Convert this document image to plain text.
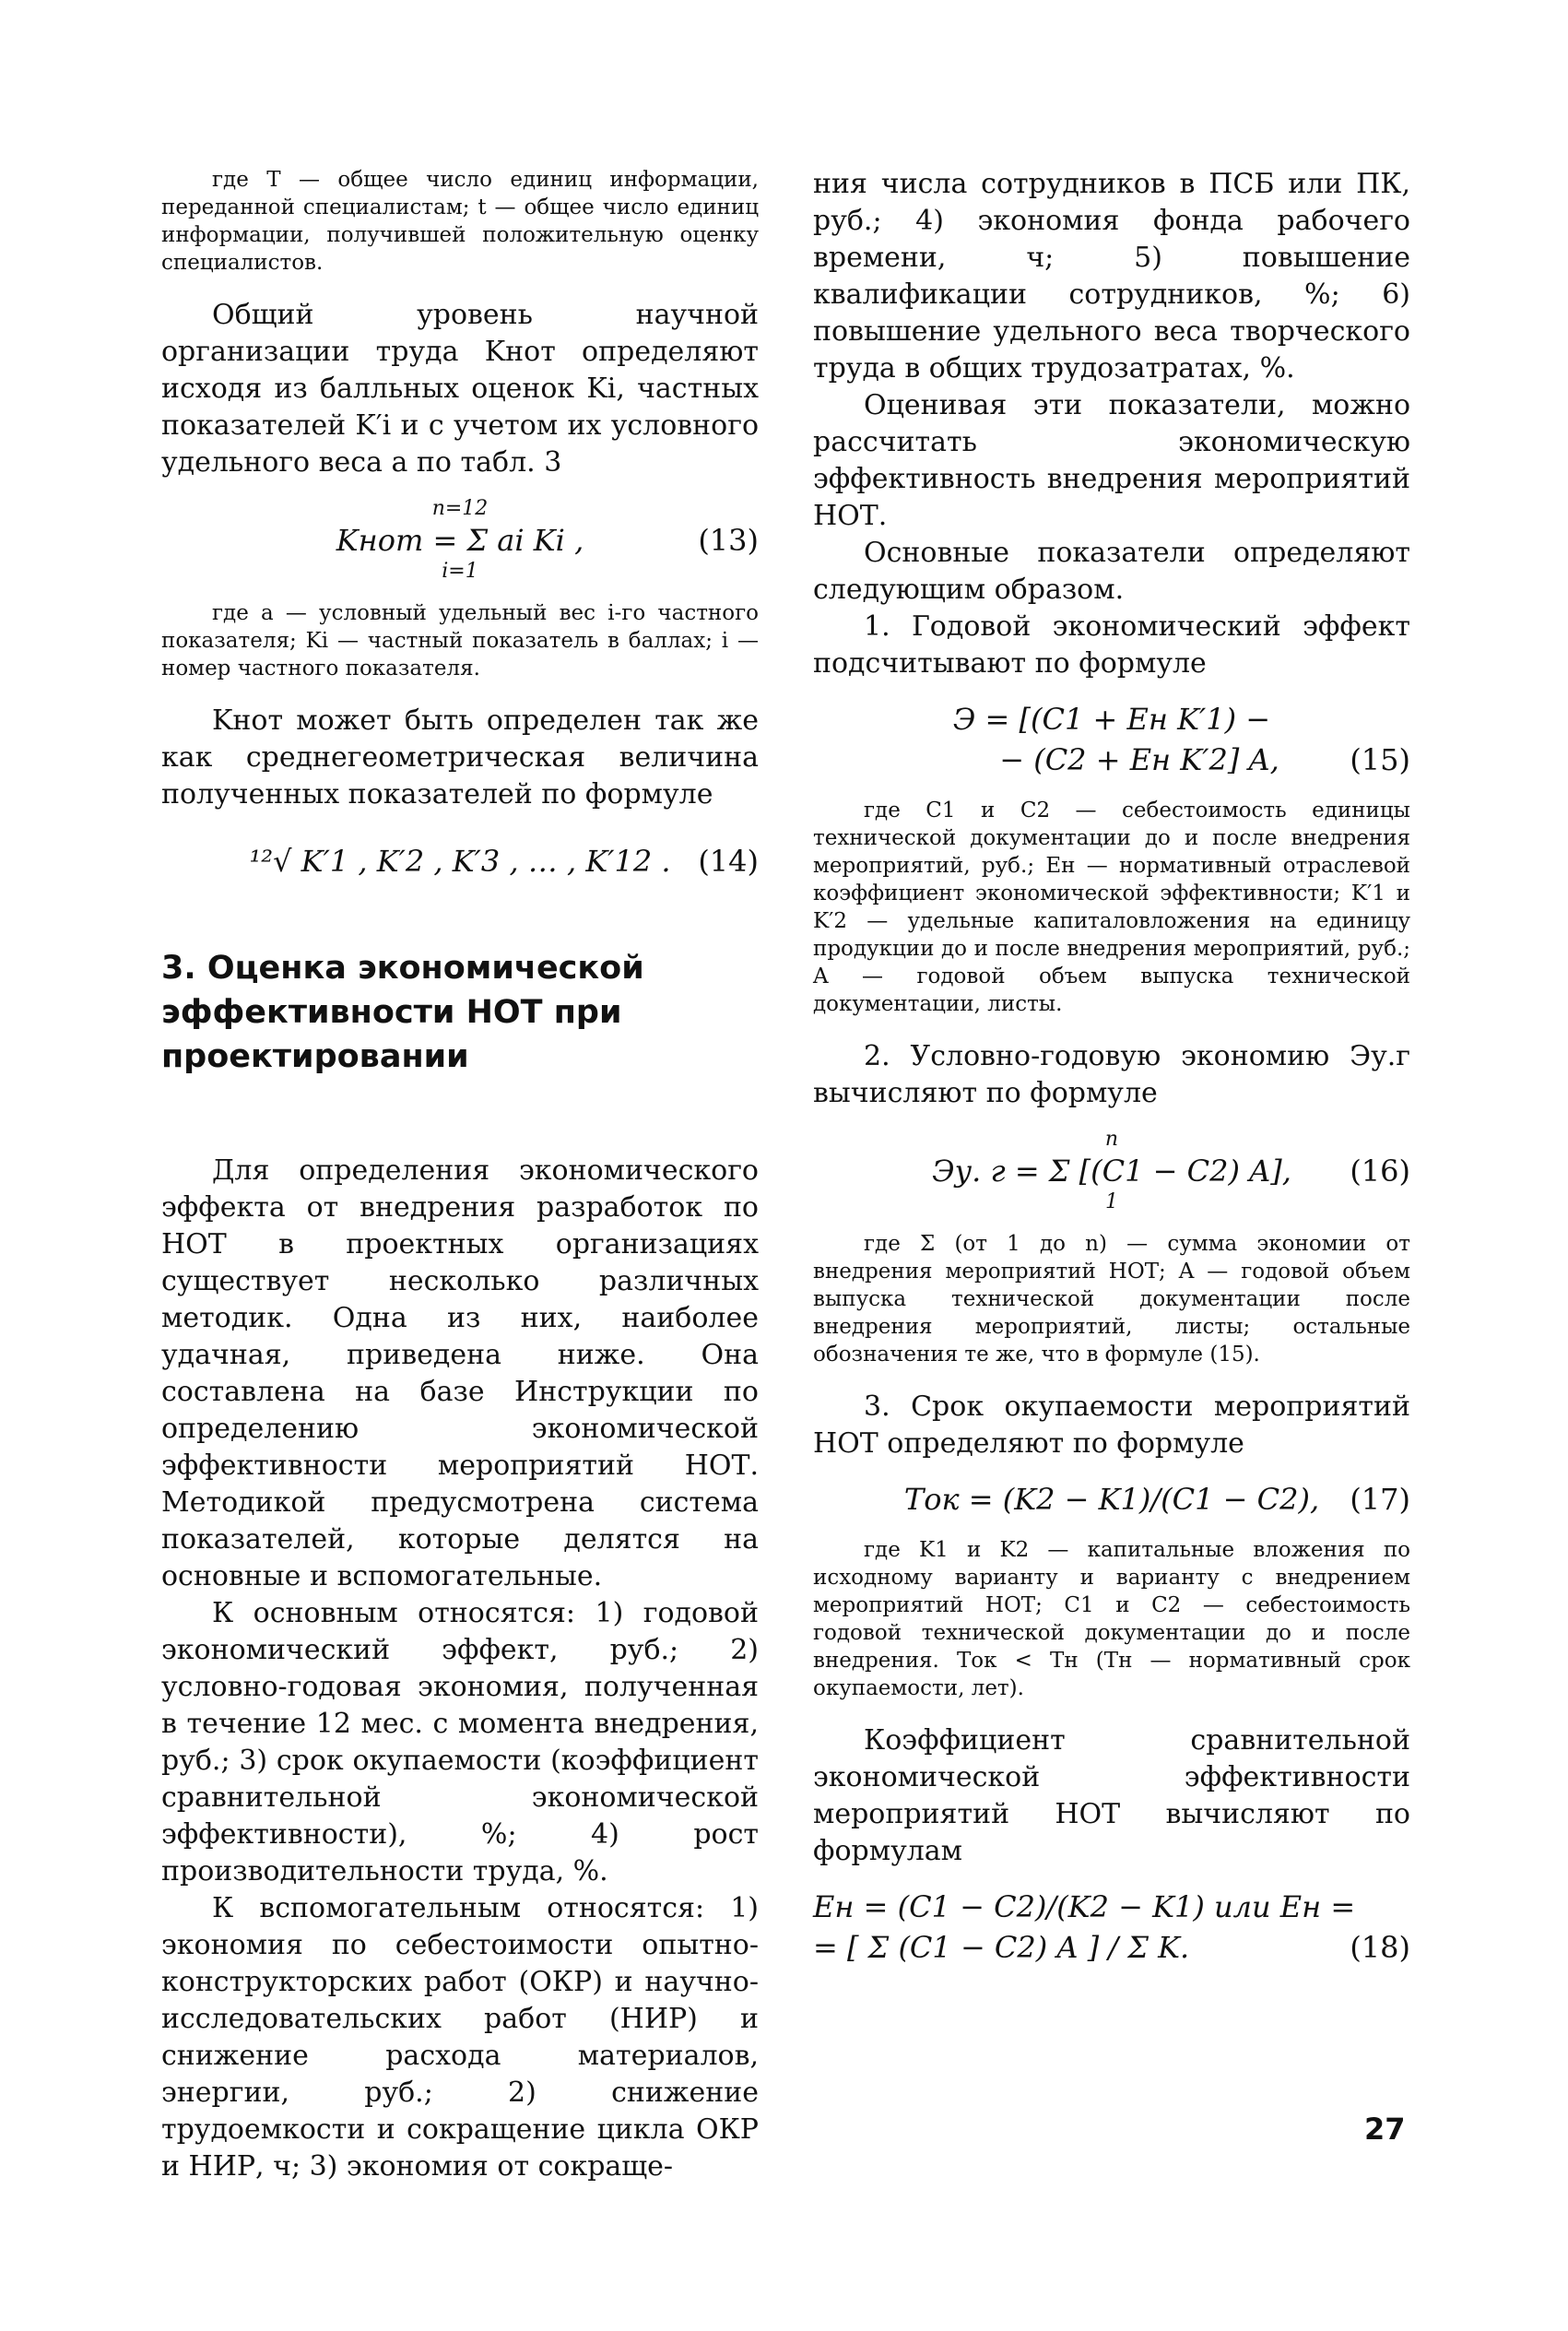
где T — общее число единиц информации, переданной специалистам; t — общее число единиц информации, получившей положительную оценку специалистов.

Общий уровень научной организации труда Kнот определяют исходя из балльных оценок Ki, частных показателей K′i и с учетом их условного удельного веса a по табл. 3

n=12
Kнот = Σ ai Ki ,
i=1
(13)

где a — условный удельный вес i-го частного показателя; Ki — частный показатель в баллах; i — номер частного показателя.

Kнот может быть определен так же как среднегеометрическая величина полученных показателей по формуле

¹²√ K′1 , K′2 , K′3 , … , K′12 . (14)
3. Оценка экономической эффективности НОТ при проектировании

Для определения экономического эффекта от внедрения разработок по НОТ в проектных организациях существует несколько различных методик. Одна из них, наиболее удачная, приведена ниже. Она составлена на базе Инструкции по определению экономической эффективности мероприятий НОТ. Методикой предусмотрена система показателей, которые делятся на основные и вспомогательные.

К основным относятся: 1) годовой экономический эффект, руб.; 2) условно-годовая экономия, полученная в течение 12 мес. с момента внедрения, руб.; 3) срок окупаемости (коэффициент сравнительной экономической эффективности), %; 4) рост производительности труда, %.

К вспомогательным относятся: 1) экономия по себестоимости опытно-конструкторских работ (ОКР) и научно-исследовательских работ (НИР) и снижение расхода материалов, энергии, руб.; 2) снижение трудоемкости и сокращение цикла ОКР и НИР, ч; 3) экономия от сокраще-

ния числа сотрудников в ПСБ или ПК, руб.; 4) экономия фонда рабочего времени, ч; 5) повышение квалификации сотрудников, %; 6) повышение удельного веса творческого труда в общих трудозатратах, %.

Оценивая эти показатели, можно рассчитать экономическую эффективность внедрения мероприятий НОТ.

Основные показатели определяют следующим образом.

1. Годовой экономический эффект подсчитывают по формуле

Э = [(C1 + Eн K′1) −
− (C2 + Eн K′2] A,	(15)

где C1 и C2 — себестоимость единицы технической документации до и после внедрения мероприятий, руб.; Eн — нормативный отраслевой коэффициент экономической эффективности; K′1 и K′2 — удельные капиталовложения на единицу продукции до и после внедрения мероприятий, руб.; A — годовой объем выпуска технической документации, листы.

2. Условно-годовую экономию Эу.г вычисляют по формуле

n
Эу. г = Σ [(C1 − C2) A],
1
(16)

где Σ (от 1 до n) — сумма экономии от внедрения мероприятий НОТ; A — годовой объем выпуска технической документации после внедрения мероприятий, листы; остальные обозначения те же, что в формуле (15).

3. Срок окупаемости мероприятий НОТ определяют по формуле

Tок = (K2 − K1)/(C1 − C2), (17)

где K1 и K2 — капитальные вложения по исходному варианту и варианту с внедрением мероприятий НОТ; C1 и C2 — себестоимость годовой технической документации до и после внедрения. Tок < Tн (Tн — нормативный срок окупаемости, лет).

Коэффициент сравнительной экономической эффективности мероприятий НОТ вычисляют по формулам

Eн = (C1 − C2)/(K2 − K1) или Eн =
= [ Σ (C1 − C2) A ] / Σ K.	(18)
27
